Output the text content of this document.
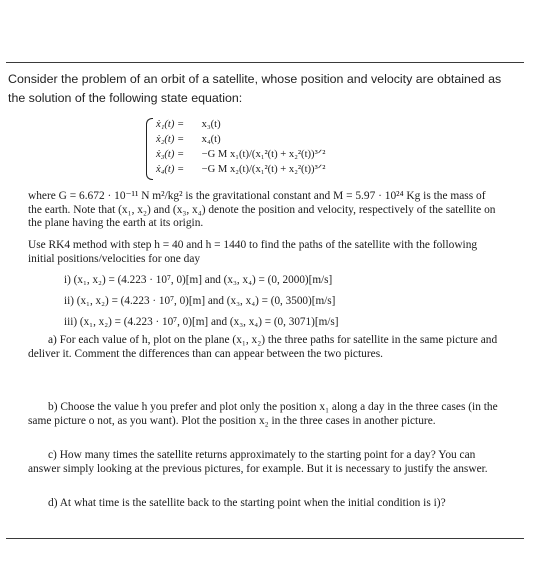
Consider the problem of an orbit of a satellite, whose position and velocity are obtained as the solution of the following state equation:
ẋ₁(t) = x₃(t)
ẋ₂(t) = x₄(t)
ẋ₃(t) = −G M x₁(t)/(x₁²(t) + x₂²(t))³ᐟ²
ẋ₄(t) = −G M x₂(t)/(x₁²(t) + x₂²(t))³ᐟ²
where G = 6.672 · 10⁻¹¹ N m²/kg² is the gravitational constant and M = 5.97 · 10²⁴ Kg is the mass of the earth. Note that (x₁, x₂) and (x₃, x₄) denote the position and velocity, respectively of the satellite on the plane having the earth at its origin.
Use RK4 method with step h = 40 and h = 1440 to find the paths of the satellite with the following initial positions/velocities for one day
i) (x₁, x₂) = (4.223 · 10⁷, 0)[m] and (x₃, x₄) = (0, 2000)[m/s]
ii) (x₁, x₂) = (4.223 · 10⁷, 0)[m] and (x₃, x₄) = (0, 3500)[m/s]
iii) (x₁, x₂) = (4.223 · 10⁷, 0)[m] and (x₃, x₄) = (0, 3071)[m/s]
a) For each value of h, plot on the plane (x₁, x₂) the three paths for satellite in the same picture and deliver it. Comment the differences than can appear between the two pictures.
b) Choose the value h you prefer and plot only the position x₁ along a day in the three cases (in the same picture o not, as you want). Plot the position x₂ in the three cases in another picture.
c) How many times the satellite returns approximately to the starting point for a day? You can answer simply looking at the previous pictures, for example. But it is necessary to justify the answer.
d) At what time is the satellite back to the starting point when the initial condition is i)?
